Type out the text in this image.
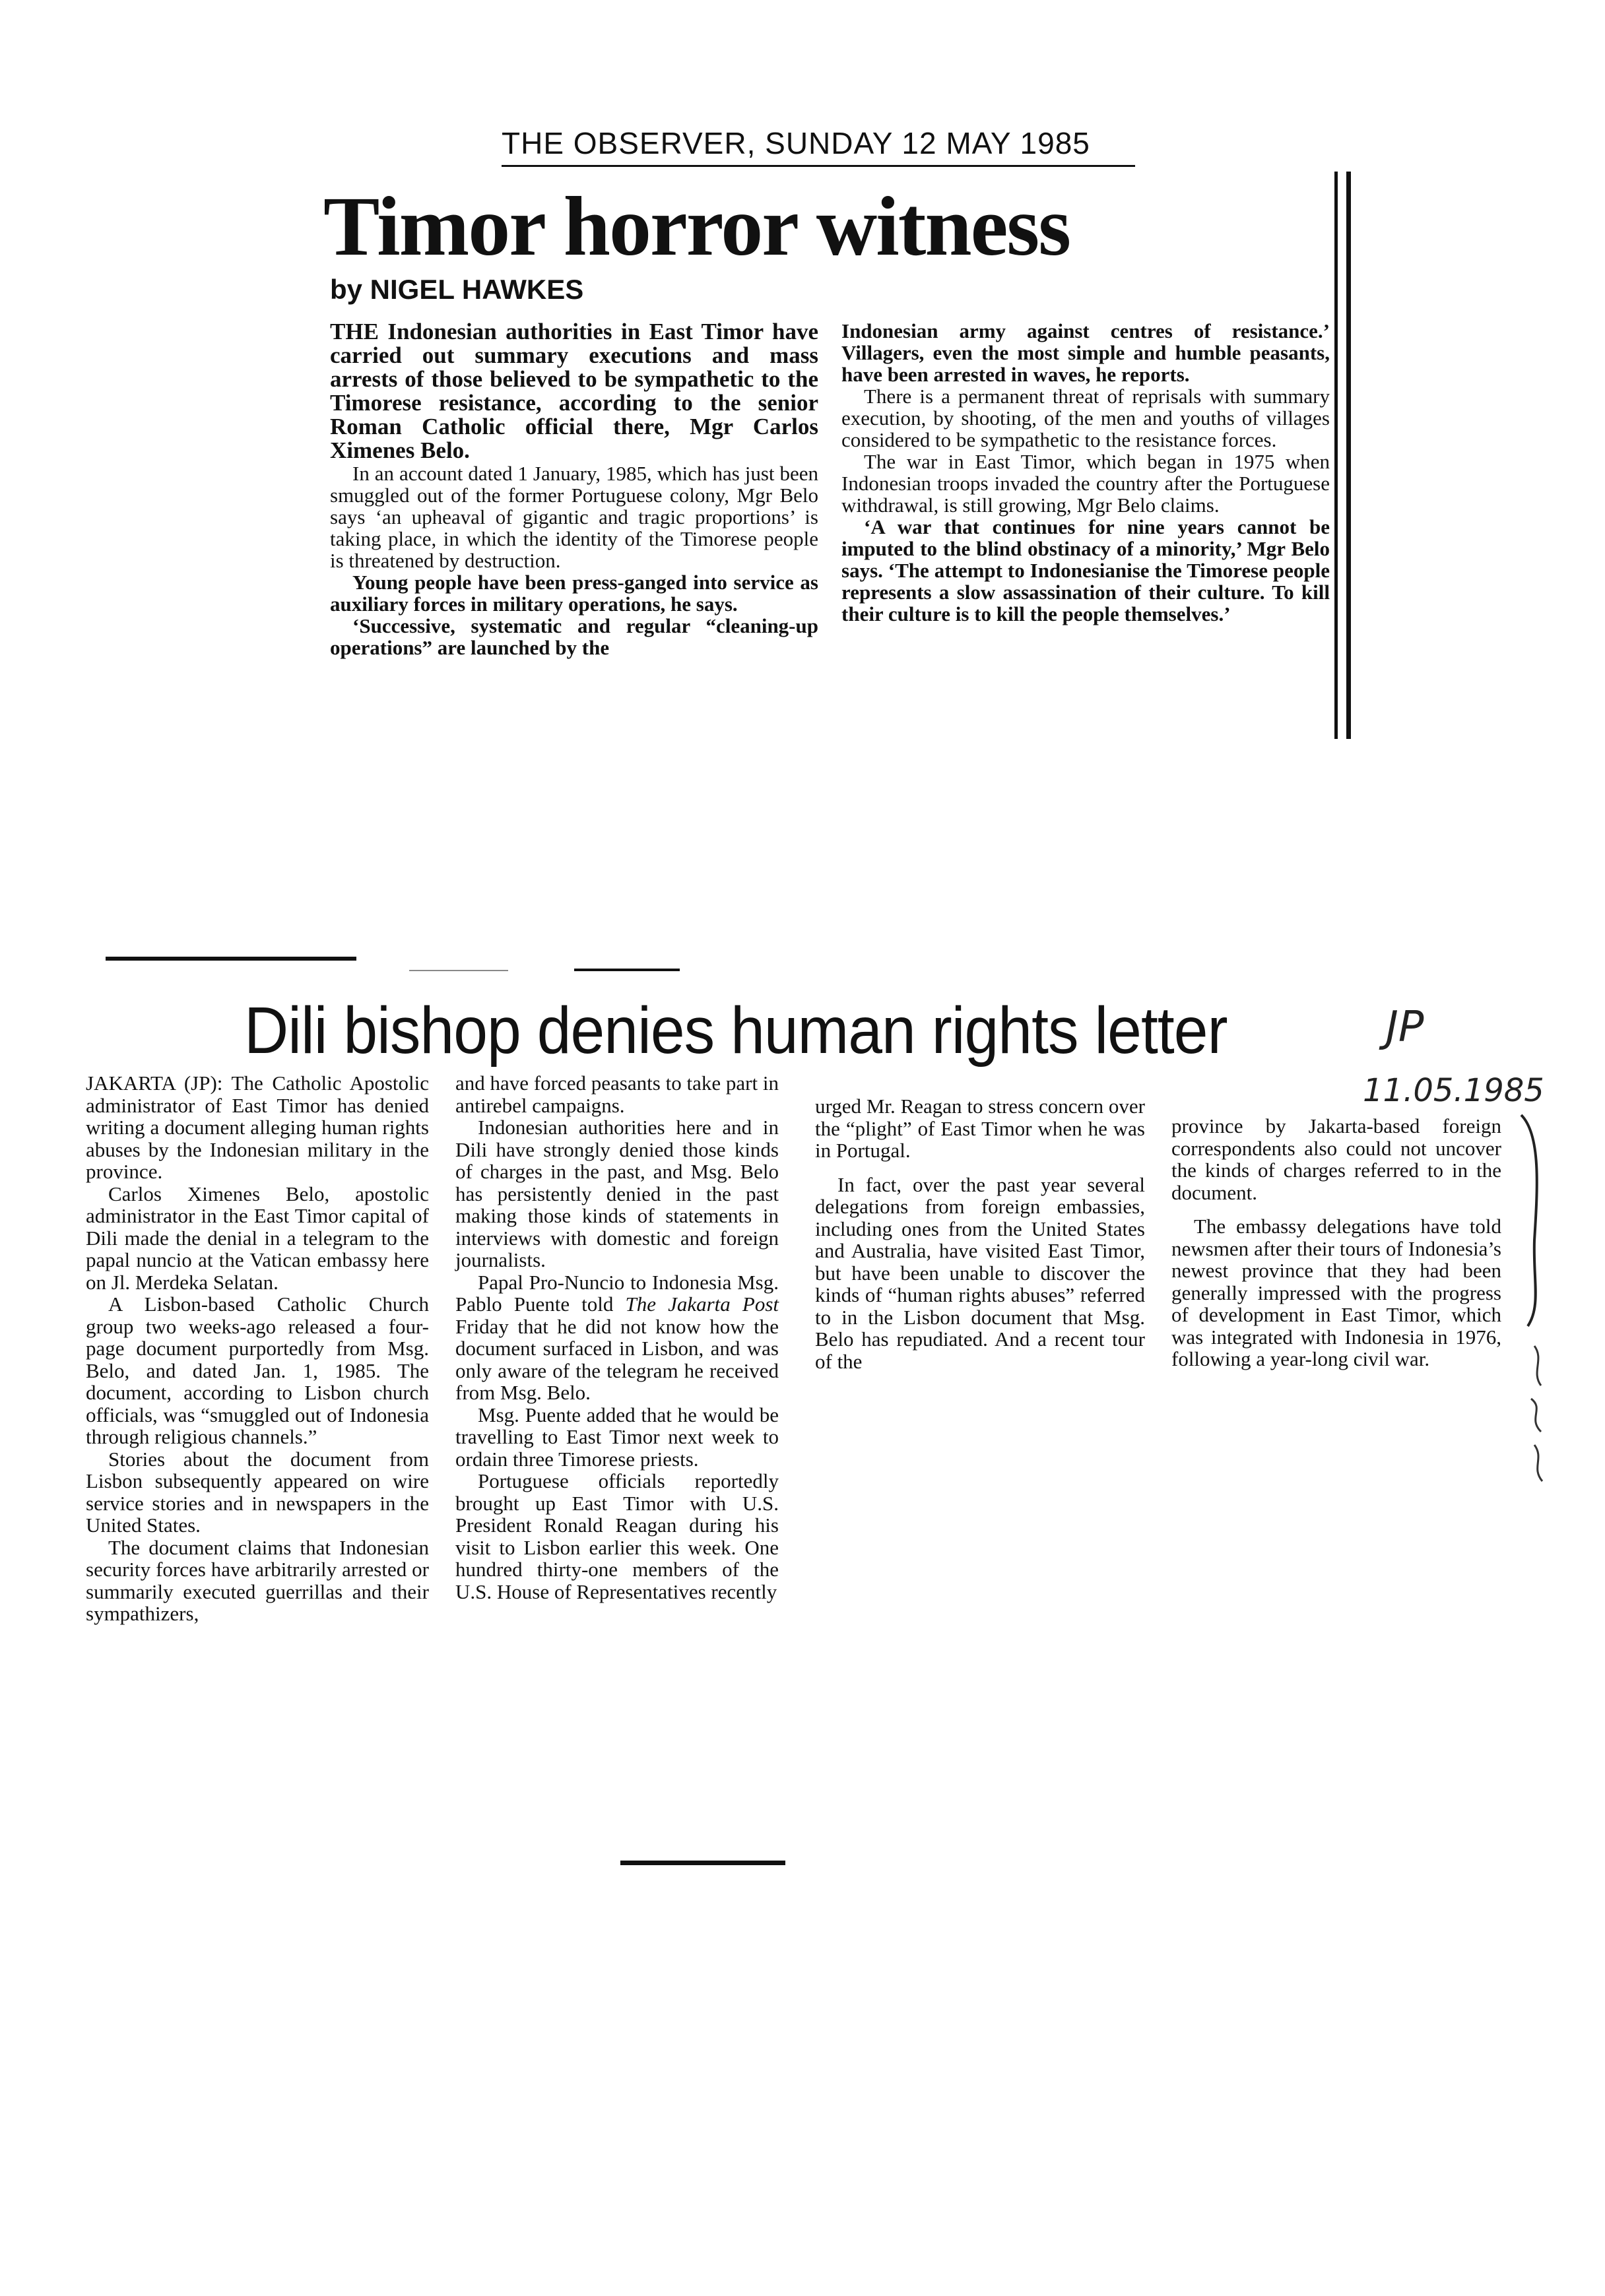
THE OBSERVER, SUNDAY 12 MAY 1985
Timor horror witness
by NIGEL HAWKES

THE Indonesian authorities in East Timor have carried out summary executions and mass arrests of those believed to be sympathetic to the Timorese resistance, according to the senior Roman Catholic official there, Mgr Carlos Ximenes Belo.

In an account dated 1 January, 1985, which has just been smuggled out of the former Portuguese colony, Mgr Belo says ‘an upheaval of gigantic and tragic proportions’ is taking place, in which the identity of the Timorese people is threatened by destruction.

Young people have been press-ganged into service as auxiliary forces in military operations, he says.

‘Successive, systematic and regular “cleaning-up operations” are launched by the

Indonesian army against centres of resistance.’ Villagers, even the most simple and humble peasants, have been arrested in waves, he reports.

There is a permanent threat of reprisals with summary execution, by shooting, of the men and youths of villages considered to be sympathetic to the resistance forces.

The war in East Timor, which began in 1975 when Indonesian troops invaded the country after the Portuguese withdrawal, is still growing, Mgr Belo claims.

‘A war that continues for nine years cannot be imputed to the blind obstinacy of a minority,’ Mgr Belo says. ‘The attempt to Indonesianise the Timorese people represents a slow assassination of their culture. To kill their culture is to kill the people themselves.’

Dili bishop denies human rights letter

JAKARTA (JP): The Catholic Apostolic administrator of East Timor has denied writing a document alleging human rights abuses by the Indonesian military in the province.

Carlos Ximenes Belo, apostolic administrator in the East Timor capital of Dili made the denial in a telegram to the papal nuncio at the Vatican embassy here on Jl. Merdeka Selatan.

A Lisbon-based Catholic Church group two weeks-ago released a four-page document purportedly from Msg. Belo, and dated Jan. 1, 1985. The document, according to Lisbon church officials, was “smuggled out of Indonesia through religious channels.”

Stories about the document from Lisbon subsequently appeared on wire service stories and in newspapers in the United States.

The document claims that Indonesian security forces have arbitrarily arrested or summarily executed guerrillas and their sympathizers,

and have forced peasants to take part in antirebel campaigns.

Indonesian authorities here and in Dili have strongly denied those kinds of charges in the past, and Msg. Belo has persistently denied in the past making those kinds of statements in interviews with domestic and foreign journalists.

Papal Pro-Nuncio to Indonesia Msg. Pablo Puente told The Jakarta Post Friday that he did not know how the document surfaced in Lisbon, and was only aware of the telegram he received from Msg. Belo.

Msg. Puente added that he would be travelling to East Timor next week to ordain three Timorese priests.

Portuguese officials reportedly brought up East Timor with U.S. President Ronald Reagan during his visit to Lisbon earlier this week. One hundred thirty-one members of the U.S. House of Representatives recently

urged Mr. Reagan to stress concern over the “plight” of East Timor when he was in Portugal.

In fact, over the past year several delegations from foreign embassies, including ones from the United States and Australia, have visited East Timor, but have been unable to discover the kinds of “human rights abuses” referred to in the Lisbon document that Msg. Belo has repudiated. And a recent tour of the

province by Jakarta-based foreign correspondents also could not uncover the kinds of charges referred to in the document.

The embassy delegations have told newsmen after their tours of Indonesia’s newest province that they had been generally impressed with the progress of development in East Timor, which was integrated with Indonesia in 1976, following a year-long civil war.

JP
11.05.1985
